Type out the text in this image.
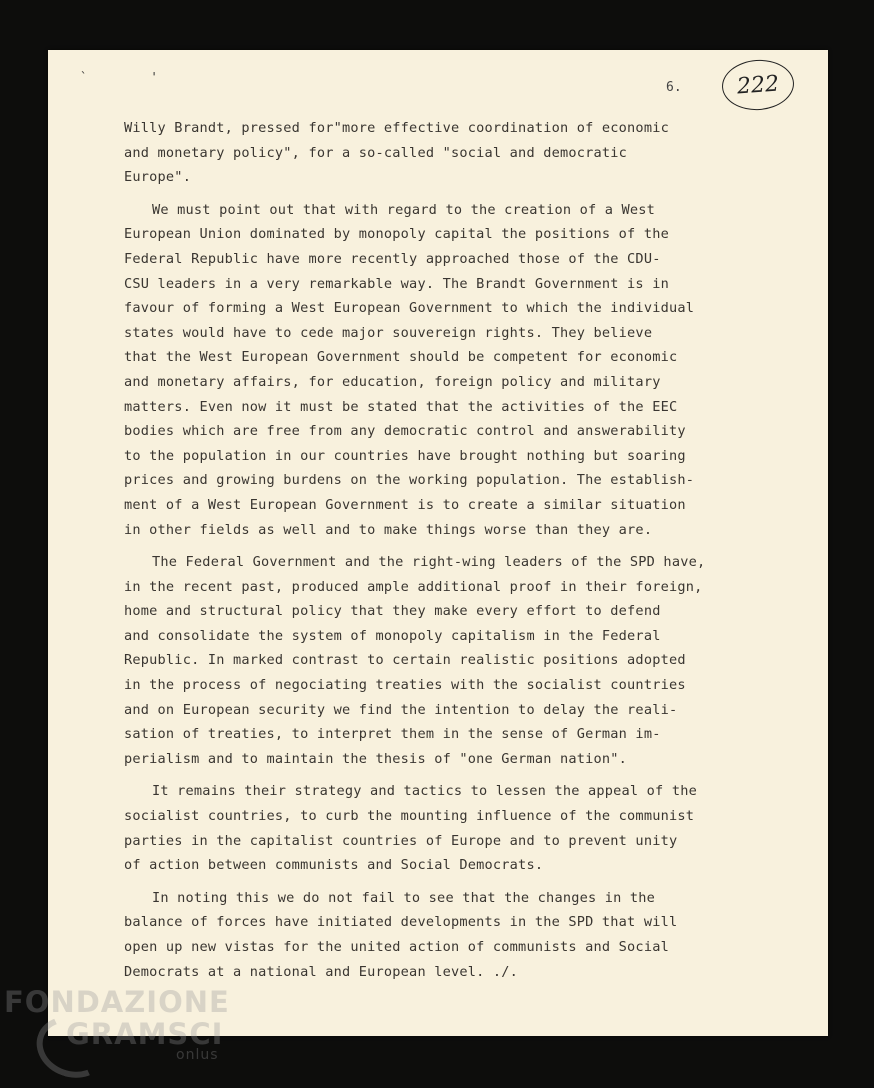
` '
6.	222

Willy Brandt, pressed for"more effective coordination of economic
and monetary policy", for a so-called "social and democratic
Europe".

We must point out that with regard to the creation of a West
European Union dominated by monopoly capital the positions of the
Federal Republic have more recently approached those of the CDU-
CSU leaders in a very remarkable way. The Brandt Government is in
favour of forming a West European Government to which the individual
states would have to cede major souvereign rights. They believe
that the West European Government should be competent for economic
and monetary affairs, for education, foreign policy and military
matters. Even now it must be stated that the activities of the EEC
bodies which are free from any democratic control and answerability
to the population in our countries have brought nothing but soaring
prices and growing burdens on the working population. The establish-
ment of a West European Government is to create a similar situation
in other fields as well and to make things worse than they are.

The Federal Government and the right-wing leaders of the SPD have,
in the recent past, produced ample additional proof in their foreign,
home and structural policy that they make every effort to defend
and consolidate the system of monopoly capitalism in the Federal
Republic. In marked contrast to certain realistic positions adopted
in the process of negociating treaties with the socialist countries
and on European security we find the intention to delay the reali-
sation of treaties, to interpret them in the sense of German im-
perialism and to maintain the thesis of "one German nation".

It remains their strategy and tactics to lessen the appeal of the
socialist countries, to curb the mounting influence of the communist
parties in the capitalist countries of Europe and to prevent unity
of action between communists and Social Democrats.

In noting this we do not fail to see that the changes in the
balance of forces have initiated developments in the SPD that will
open up new vistas for the united action of communists and Social
Democrats at a national and European level. ./.

FONDAZIONE
GRAMSCI
onlus
